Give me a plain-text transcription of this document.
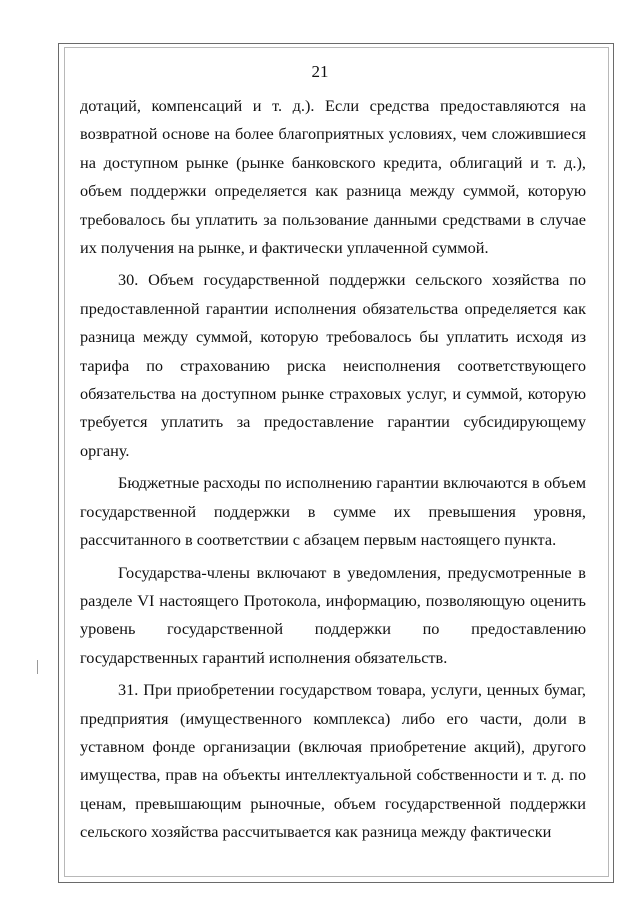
21

дотаций, компенсаций и т. д.). Если средства предоставляются на возвратной основе на более благоприятных условиях, чем сложившиеся на доступном рынке (рынке банковского кредита, облигаций и т. д.), объем поддержки определяется как разница между суммой, которую требовалось бы уплатить за пользование данными средствами в случае их получения на рынке, и фактически уплаченной суммой.

30. Объем государственной поддержки сельского хозяйства по предоставленной гарантии исполнения обязательства определяется как разница между суммой, которую требовалось бы уплатить исходя из тарифа по страхованию риска неисполнения соответствующего обязательства на доступном рынке страховых услуг, и суммой, которую требуется уплатить за предоставление гарантии субсидирующему органу.

Бюджетные расходы по исполнению гарантии включаются в объем государственной поддержки в сумме их превышения уровня, рассчитанного в соответствии с абзацем первым настоящего пункта.

Государства-члены включают в уведомления, предусмотренные в разделе VI настоящего Протокола, информацию, позволяющую оценить уровень государственной поддержки по предоставлению государственных гарантий исполнения обязательств.

31. При приобретении государством товара, услуги, ценных бумаг, предприятия (имущественного комплекса) либо его части, доли в уставном фонде организации (включая приобретение акций), другого имущества, прав на объекты интеллектуальной собственности и т. д. по ценам, превышающим рыночные, объем государственной поддержки сельского хозяйства рассчитывается как разница между фактически
